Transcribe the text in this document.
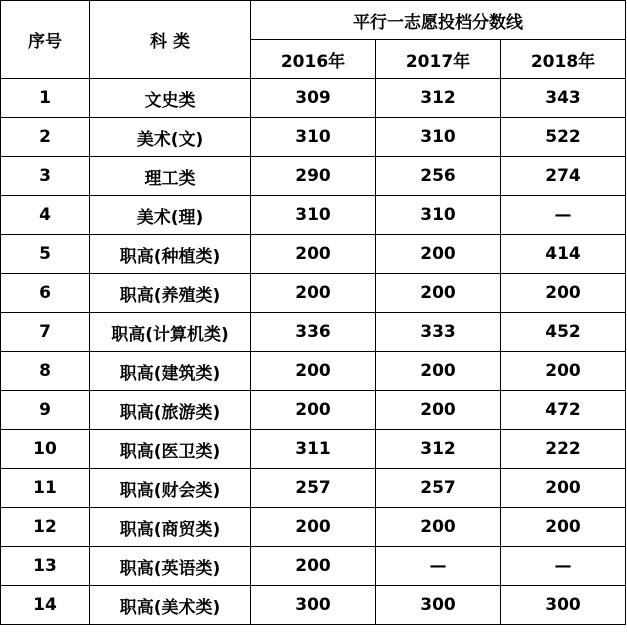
序号	科 类	平行一志愿投档分数线		
		2016年	2017年	2018年
1	文史类	309	312	343
2	美术(文)	310	310	522
3	理工类	290	256	274
4	美术(理)	310	310	—
5	职高(种植类)	200	200	414
6	职高(养殖类)	200	200	200
7	职高(计算机类)	336	333	452
8	职高(建筑类)	200	200	200
9	职高(旅游类)	200	200	472
10	职高(医卫类)	311	312	222
11	职高(财会类)	257	257	200
12	职高(商贸类)	200	200	200
13	职高(英语类)	200	—	—
14	职高(美术类)	300	300	300
